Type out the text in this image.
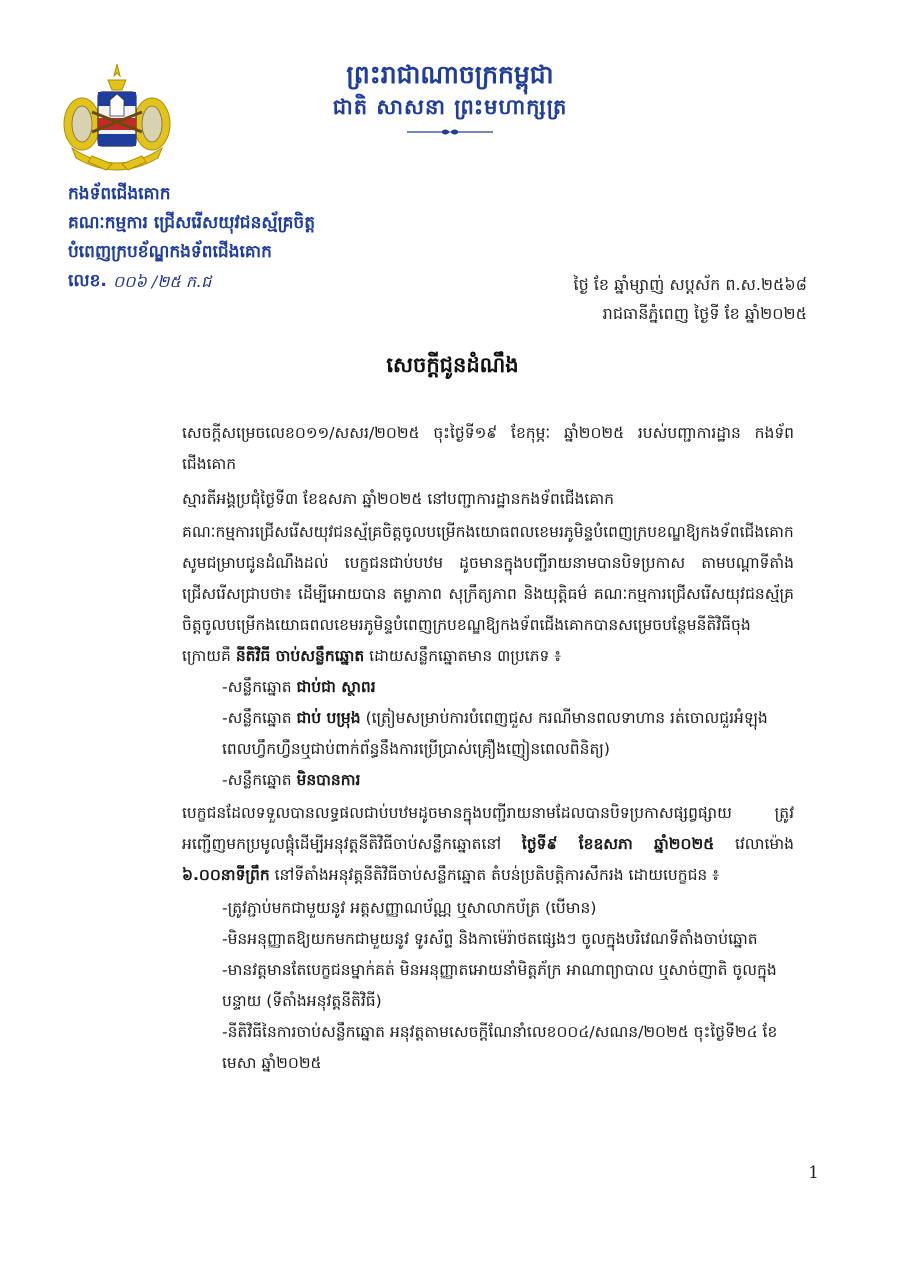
ព្រះរាជាណាចក្រកម្ពុជា
ជាតិ សាសនា ព្រះមហាក្សត្រ
កងទ័ពជើងគោក
គណៈកម្មការ ជ្រើសរើសយុវជនស្ម័គ្រចិត្ត
បំពេញក្របខ័ណ្ឌកងទ័ពជើងគោក
លេខ. ០០៦ /២៥ ក.ជ	ថ្ងៃ ខែ ឆ្នាំម្សាញ់ សប្តស័ក ព.ស.២៥៦៨
រាជធានីភ្នំពេញ ថ្ងៃទី ខែ ឆ្នាំ២០២៥
សេចក្តីជូនដំណឹង

សេចក្តីសម្រេចលេខ០១១/សសរ/២០២៥ ចុះថ្ងៃទី១៩ ខែកុម្ភៈ ឆ្នាំ២០២៥ របស់បញ្ជាការដ្ឋាន កងទ័ពជើងគោក

ស្មារតីអង្គប្រជុំថ្ងៃទី៣ ខែឧសភា ឆ្នាំ២០២៥ នៅបញ្ជាការដ្ឋានកងទ័ពជើងគោក

គណៈកម្មការជ្រើសរើសយុវជនស្ម័គ្រចិត្តចូលបម្រើកងយោធពលខេមរភូមិន្ទបំពេញក្របខណ្ឌឱ្យកងទ័ពជើងគោក សូមជម្រាបជូនដំណឹងដល់ បេក្ខជនជាប់បឋម ដូចមានក្នុងបញ្ជីរាយនាមបានបិទប្រកាស តាមបណ្តាទីតាំងជ្រើសរើសជ្រាបថា៖ ដើម្បីអោយបាន តម្លាភាព សុក្រឹត្យភាព និងយុត្តិធម៌ គណៈកម្មការជ្រើសរើសយុវជនស្ម័គ្រចិត្តចូលបម្រើកងយោធពលខេមរភូមិន្ទបំពេញក្របខណ្ឌឱ្យកងទ័ពជើងគោកបានសម្រេចបន្ថែមនីតិវិធីចុងក្រោយគឺ នីតិវិធី ចាប់សន្លឹកឆ្នោត ដោយសន្លឹកឆ្នោតមាន ៣ប្រភេទ ៖

-សន្លឹកឆ្នោត ជាប់ជា ស្ថាពរ
-សន្លឹកឆ្នោត ជាប់ បម្រុង (ត្រៀមសម្រាប់ការបំពេញជួស ករណីមានពលទាហាន រត់ចោលជួរអំឡុងពេលហ្វឹកហ្វឺនឬជាប់ពាក់ព័ន្ធនឹងការប្រើប្រាស់គ្រឿងញៀនពេលពិនិត្យ)
-សន្លឹកឆ្នោត មិនបានការ

បេក្ខជនដែលទទួលបានលទ្ធផលជាប់បឋមដូចមានក្នុងបញ្ជីរាយនាមដែលបានបិទប្រកាសផ្សព្វផ្សាយ ត្រូវអញ្ជើញមកប្រមូលផ្តុំដើម្បីអនុវត្តនីតិវិធីចាប់សន្លឹកឆ្នោតនៅ ថ្ងៃទី៩ ខែឧសភា ឆ្នាំ២០២៥ វេលាម៉ោង ៦.០០នាទីព្រឹក នៅទីតាំងអនុវត្តនីតិវិធីចាប់សន្លឹកឆ្នោត តំបន់ប្រតិបត្តិការសឹករង ដោយបេក្ខជន ៖

-ត្រូវភ្ជាប់មកជាមួយនូវ អត្តសញ្ញាណប័ណ្ណ ឬសាលាកប័ត្រ (បើមាន)
-មិនអនុញ្ញាតឱ្យយកមកជាមួយនូវ ទូរស័ព្ទ និងកាម៉េរ៉ាថតផ្សេងៗ ចូលក្នុងបរិវេណទីតាំងចាប់ឆ្នោត
-មានវត្តមានតែបេក្ខជនម្នាក់គត់ មិនអនុញ្ញាតអោយនាំមិត្តភ័ក្រ អាណាព្យាបាល ឬសាច់ញាតិ ចូលក្នុងបន្ទាយ (ទីតាំងអនុវត្តនីតិវិធី)
-នីតិវិធីនៃការចាប់សន្លឹកឆ្នោត អនុវត្តតាមសេចក្តីណែនាំលេខ០០៤/សណន/២០២៥ ចុះថ្ងៃទី២៤ ខែមេសា ឆ្នាំ២០២៥
1
